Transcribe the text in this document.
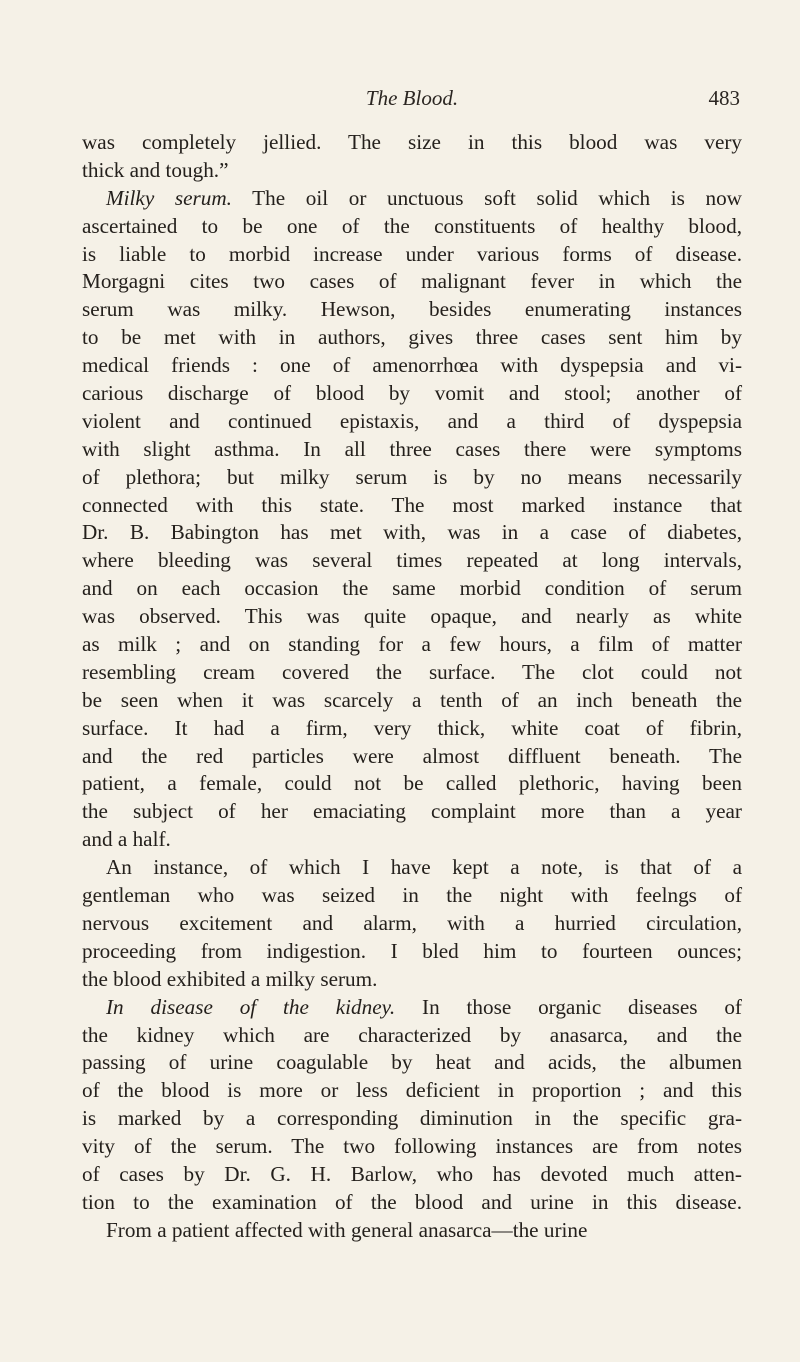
The Blood.	483
was completely jellied. The size in this blood was very
thick and tough.”
Milky serum. The oil or unctuous soft solid which is now
ascertained to be one of the constituents of healthy blood,
is liable to morbid increase under various forms of disease.
Morgagni cites two cases of malignant fever in which the
serum was milky. Hewson, besides enumerating instances
to be met with in authors, gives three cases sent him by
medical friends : one of amenorrhœa with dyspepsia and vi-
carious discharge of blood by vomit and stool; another of
violent and continued epistaxis, and a third of dyspepsia
with slight asthma. In all three cases there were symptoms
of plethora; but milky serum is by no means necessarily
connected with this state. The most marked instance that
Dr. B. Babington has met with, was in a case of diabetes,
where bleeding was several times repeated at long intervals,
and on each occasion the same morbid condition of serum
was observed. This was quite opaque, and nearly as white
as milk ; and on standing for a few hours, a film of matter
resembling cream covered the surface. The clot could not
be seen when it was scarcely a tenth of an inch beneath the
surface. It had a firm, very thick, white coat of fibrin,
and the red particles were almost diffluent beneath. The
patient, a female, could not be called plethoric, having been
the subject of her emaciating complaint more than a year
and a half.
An instance, of which I have kept a note, is that of a
gentleman who was seized in the night with feelngs of
nervous excitement and alarm, with a hurried circulation,
proceeding from indigestion. I bled him to fourteen ounces;
the blood exhibited a milky serum.
In disease of the kidney. In those organic diseases of
the kidney which are characterized by anasarca, and the
passing of urine coagulable by heat and acids, the albumen
of the blood is more or less deficient in proportion ; and this
is marked by a corresponding diminution in the specific gra-
vity of the serum. The two following instances are from notes
of cases by Dr. G. H. Barlow, who has devoted much atten-
tion to the examination of the blood and urine in this disease.
From a patient affected with general anasarca—the urine
